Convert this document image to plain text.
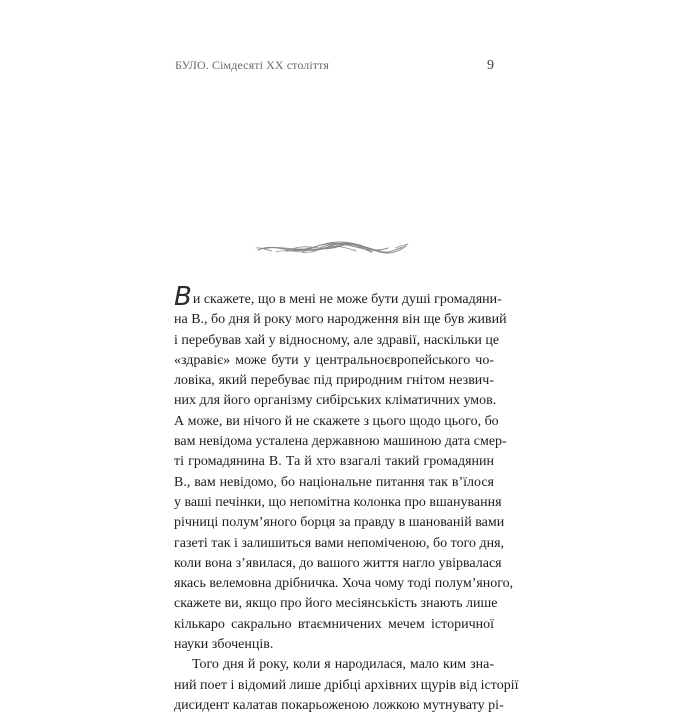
БУЛО. Сімдесяті XX століття	9
Ви скажете, що в мені не може бути душі громадяни-
на В., бо дня й року мого народження він ще був живий
і перебував хай у відносному, але здравії, наскільки це
«здравіє» може бути у центральноєвропейського чо-
ловіка, який перебуває під природним гнітом незвич-
них для його організму сибірських кліматичних умов.
А може, ви нічого й не скажете з цього щодо цього, бо
вам невідома усталена державною машиною дата смер-
ті громадянина В. Та й хто взагалі такий громадянин
В., вам невідомо, бо національне питання так в’їлося
у ваші печінки, що непомітна колонка про вшанування
річниці полум’яного борця за правду в шанованій вами
газеті так і залишиться вами непоміченою, бо того дня,
коли вона з’явилася, до вашого життя нагло увірвалася
якась велемовна дрібничка. Хоча чому тоді полум’яного,
скажете ви, якщо про його месіянськість знають лише
кількаро сакрально втаємничених мечем історичної
науки збоченців.
Того дня й року, коли я народилася, мало ким зна-
ний поет і відомий лише дрібці архівних щурів від історії
дисидент калатав покарьоженою ложкою мутнувату рі-
